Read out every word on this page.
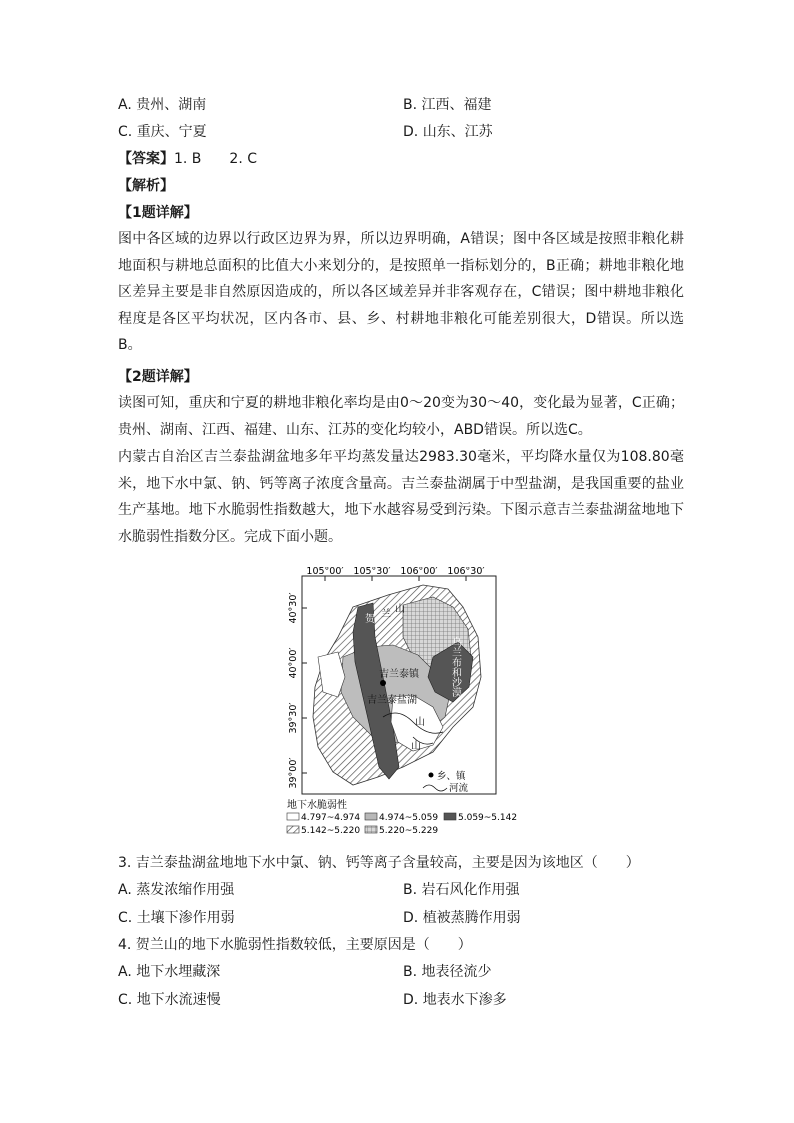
A. 贵州、湖南	B. 江西、福建
C. 重庆、宁夏	D. 山东、江苏
【答案】1. B　　2. C
【解析】
【1题详解】
图中各区域的边界以行政区边界为界，所以边界明确，A错误；图中各区域是按照非粮化耕地面积与耕地总面积的比值大小来划分的，是按照单一指标划分的，B正确；耕地非粮化地区差异主要是非自然原因造成的，所以各区域差异并非客观存在，C错误；图中耕地非粮化程度是各区平均状况，区内各市、县、乡、村耕地非粮化可能差别很大，D错误。所以选B。
【2题详解】
读图可知，重庆和宁夏的耕地非粮化率均是由0～20变为30～40，变化最为显著，C正确；贵州、湖南、江西、福建、山东、江苏的变化均较小，ABD错误。所以选C。
内蒙古自治区吉兰泰盐湖盆地多年平均蒸发量达2983.30毫米，平均降水量仅为108.80毫米，地下水中氯、钠、钙等离子浓度含量高。吉兰泰盐湖属于中型盐湖，是我国重要的盐业生产基地。地下水脆弱性指数越大，地下水越容易受到污染。下图示意吉兰泰盐湖盆地地下水脆弱性指数分区。完成下面小题。
105°00′ 105°30′ 106°00′ 106°30′
40°30′
40°00′
39°30′
39°00′
贺 兰 山
吉兰泰镇
吉兰泰盐湖
乌兰布和沙漠
山
山
乡、镇
河流
地下水脆弱性
4.797~4.974 4.974~5.059 5.059~5.142
5.142~5.220 5.220~5.229
3. 吉兰泰盐湖盆地地下水中氯、钠、钙等离子含量较高，主要是因为该地区（　　）
A. 蒸发浓缩作用强	B. 岩石风化作用强
C. 土壤下渗作用弱	D. 植被蒸腾作用弱
4. 贺兰山的地下水脆弱性指数较低，主要原因是（　　）
A. 地下水埋藏深	B. 地表径流少
C. 地下水流速慢	D. 地表水下渗多
